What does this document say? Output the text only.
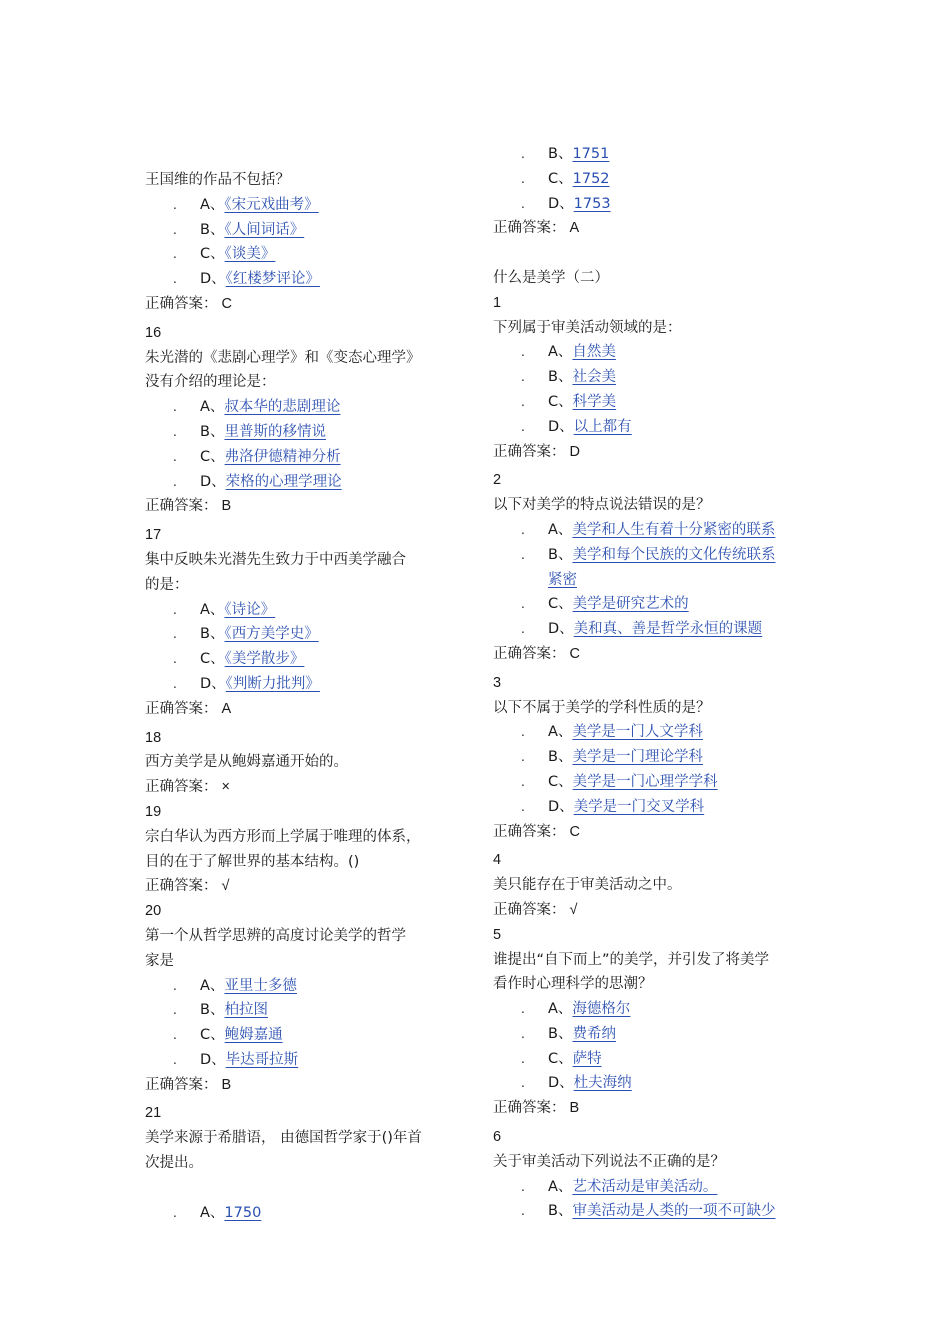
王国维的作品不包括？
. A、《宋元戏曲考》
. B、《人间词话》
. C、《谈美》
. D、《红楼梦评论》
正确答案： C
16
朱光潜的《悲剧心理学》和《变态心理学》
没有介绍的理论是：
. A、叔本华的悲剧理论
. B、里普斯的移情说
. C、弗洛伊德精神分析
. D、荣格的心理学理论
正确答案： B
17
集中反映朱光潜先生致力于中西美学融合
的是：
. A、《诗论》
. B、《西方美学史》
. C、《美学散步》
. D、《判断力批判》
正确答案： A
18
西方美学是从鲍姆嘉通开始的。
正确答案： ×
19
宗白华认为西方形而上学属于唯理的体系，
目的在于了解世界的基本结构。()
正确答案： √
20
第一个从哲学思辨的高度讨论美学的哲学
家是
. A、亚里士多德
. B、柏拉图
. C、鲍姆嘉通
. D、毕达哥拉斯
正确答案： B
21
美学来源于希腊语， 由德国哲学家于()年首
次提出。
. A、1750
. B、1751
. C、1752
. D、1753
正确答案： A
什么是美学（二）
1
下列属于审美活动领域的是：
. A、自然美
. B、社会美
. C、科学美
. D、以上都有
正确答案： D
2
以下对美学的特点说法错误的是？
. A、美学和人生有着十分紧密的联系
. B、美学和每个民族的文化传统联系
紧密
. C、美学是研究艺术的
. D、美和真、善是哲学永恒的课题
正确答案： C
3
以下不属于美学的学科性质的是？
. A、美学是一门人文学科
. B、美学是一门理论学科
. C、美学是一门心理学学科
. D、美学是一门交叉学科
正确答案： C
4
美只能存在于审美活动之中。
正确答案： √
5
谁提出“自下而上”的美学，并引发了将美学
看作时心理科学的思潮？
. A、海德格尔
. B、费希纳
. C、萨特
. D、杜夫海纳
正确答案： B
6
关于审美活动下列说法不正确的是？
. A、艺术活动是审美活动。
. B、审美活动是人类的一项不可缺少
